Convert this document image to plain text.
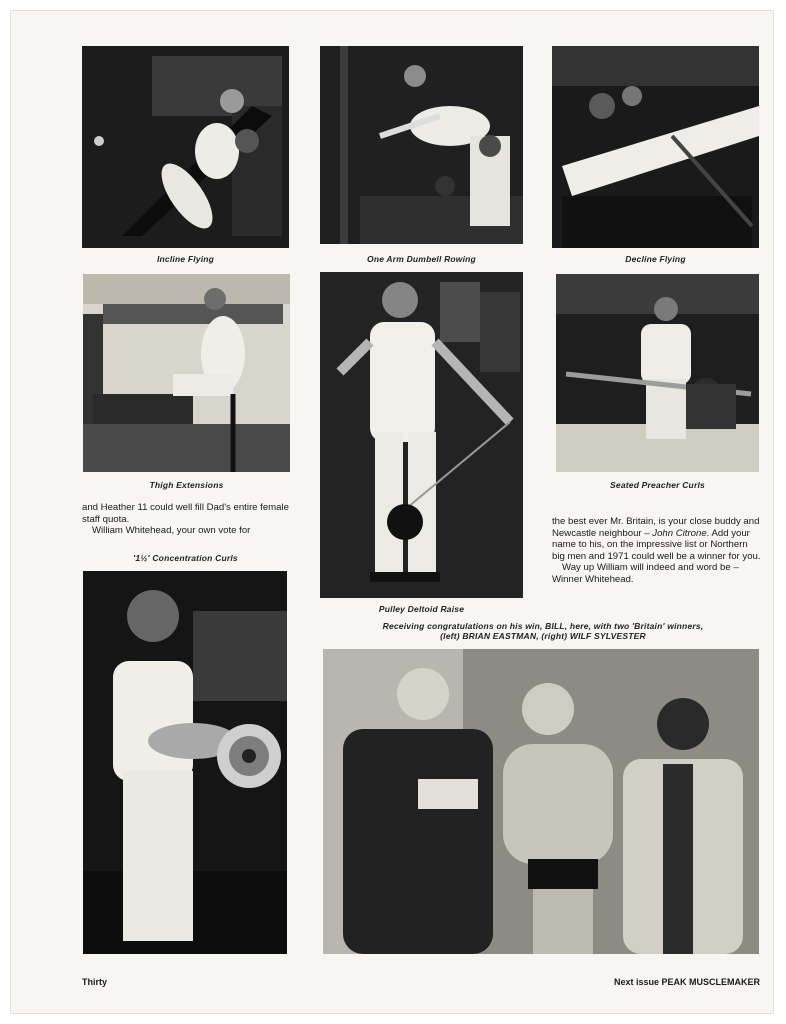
Incline Flying	One Arm Dumbell Rowing	Decline Flying
Thigh Extensions
Pulley Deltoid Raise
Seated Preacher Curls

and Heather 11 could well fill Dad's entire female staff quota.

William Whitehead, your own vote for

'1½' Concentration Curls

the best ever Mr. Britain, is your close buddy and Newcastle neighbour – John Citrone. Add your name to his, on the impressive list or Northern big men and 1971 could well be a winner for you.

Way up William will indeed and word be – Winner Whitehead.

Receiving congratulations on his win, BILL, here, with two 'Britain' winners,
(left) BRIAN EASTMAN, (right) WILF SYLVESTER
Thirty	Next issue PEAK MUSCLEMAKER
